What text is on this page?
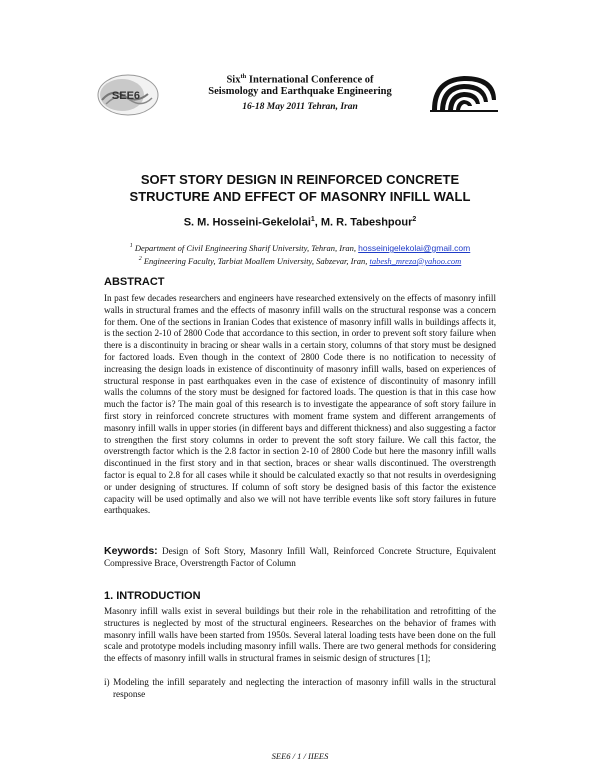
SEE6
Six$^{th}$ International Conference of
Seismology and Earthquake Engineering
16-18 May 2011 Tehran, Iran
SOFT STORY DESIGN IN REINFORCED CONCRETE
STRUCTURE AND EFFECT OF MASONRY INFILL WALL
S. M. Hosseini-Gekelolai$^1$, M. R. Tabeshpour$^2$
$^1$ Department of Civil Engineering Sharif University, Tehran, Iran, hosseinigelekolai@gmail.com
$^2$ Engineering Faculty, Tarbiat Moallem University, Sabzevar, Iran, tabesh_mreza@yahoo.com
ABSTRACT
In past few decades researchers and engineers have researched extensively on the effects of masonry infill walls in structural frames and the effects of masonry infill walls on the structural response was a concern for them. One of the sections in Iranian Codes that existence of masonry infill walls in buildings affects it, is the section 2-10 of 2800 Code that accordance to this section, in order to prevent soft story failure when there is a discontinuity in bracing or shear walls in a certain story, columns of that story must be designed for factored loads. Even though in the context of 2800 Code there is no notification to necessity of increasing the design loads in existence of discontinuity of masonry infill walls, based on experiences of structural response in past earthquakes even in the case of existence of discontinuity of masonry infill walls the columns of the story must be designed for factored loads. The question is that in this case how much the factor is? The main goal of this research is to investigate the appearance of soft story failure in first story in reinforced concrete structures with moment frame system and different arrangements of masonry infill walls in upper stories (in different bays and different thickness) and also suggesting a factor to strengthen the first story columns in order to prevent the soft story failure. We call this factor, the overstrength factor which is the 2.8 factor in section 2-10 of 2800 Code but here the masonry infill walls discontinued in the first story and in that section, braces or shear walls discontinued. The overstrength factor is equal to 2.8 for all cases while it should be calculated exactly so that not results in overdesigning or under designing of structures. If column of soft story be designed basis of this factor the existence capacity will be used optimally and also we will not have terrible events like soft story failures in future earthquakes.
Keywords: Design of Soft Story, Masonry Infill Wall, Reinforced Concrete Structure, Equivalent Compressive Brace, Overstrength Factor of Column
1. INTRODUCTION
Masonry infill walls exist in several buildings but their role in the rehabilitation and retrofitting of the structures is neglected by most of the structural engineers. Researches on the behavior of frames with masonry infill walls have been started from 1950s. Several lateral loading tests have been done on the full scale and prototype models including masonry infill walls. There are two general methods for considering the effects of masonry infill walls in structural frames in seismic design of structures [1];
i) Modeling the infill separately and neglecting the interaction of masonry infill walls in the structural response
SEE6 / 1 / IIEES
